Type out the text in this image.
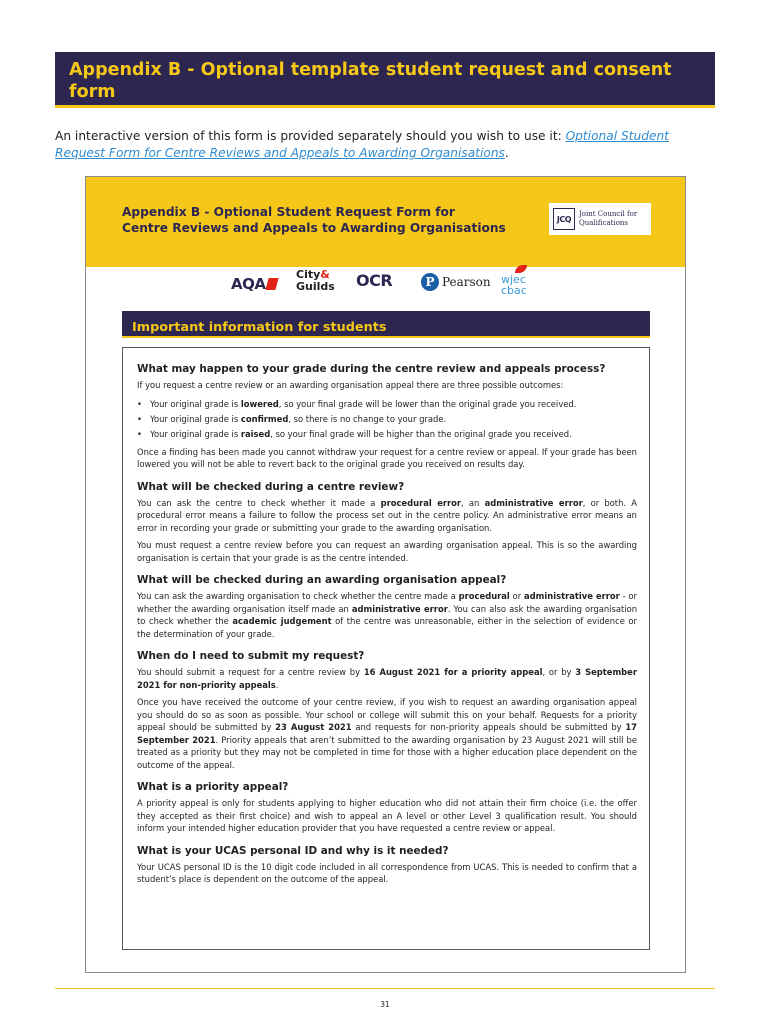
Appendix B - Optional template student request and consent form

An interactive version of this form is provided separately should you wish to use it: Optional Student Request Form for Centre Reviews and Appeals to Awarding Organisations.

Appendix B - Optional Student Request Form for
Centre Reviews and Appeals to Awarding Organisations
JCQ
Joint Council for
Qualifications
AQA
City&
Guilds OCR	P Pearson wjec
cbac
Important information for students
What may happen to your grade during the centre review and appeals process?

If you request a centre review or an awarding organisation appeal there are three possible outcomes:

• Your original grade is lowered, so your final grade will be lower than the original grade you received.
• Your original grade is confirmed, so there is no change to your grade.
• Your original grade is raised, so your final grade will be higher than the original grade you received.

Once a finding has been made you cannot withdraw your request for a centre review or appeal. If your grade has been lowered you will not be able to revert back to the original grade you received on results day.

What will be checked during a centre review?

You can ask the centre to check whether it made a procedural error, an administrative error, or both. A procedural error means a failure to follow the process set out in the centre policy. An administrative error means an error in recording your grade or submitting your grade to the awarding organisation.

You must request a centre review before you can request an awarding organisation appeal. This is so the awarding organisation is certain that your grade is as the centre intended.

What will be checked during an awarding organisation appeal?

You can ask the awarding organisation to check whether the centre made a procedural or administrative error - or whether the awarding organisation itself made an administrative error. You can also ask the awarding organisation to check whether the academic judgement of the centre was unreasonable, either in the selection of evidence or the determination of your grade.

When do I need to submit my request?

You should submit a request for a centre review by 16 August 2021 for a priority appeal, or by 3 September 2021 for non-priority appeals.

Once you have received the outcome of your centre review, if you wish to request an awarding organisation appeal you should do so as soon as possible. Your school or college will submit this on your behalf. Requests for a priority appeal should be submitted by 23 August 2021 and requests for non-priority appeals should be submitted by 17 September 2021. Priority appeals that aren’t submitted to the awarding organisation by 23 August 2021 will still be treated as a priority but they may not be completed in time for those with a higher education place dependent on the outcome of the appeal.

What is a priority appeal?

A priority appeal is only for students applying to higher education who did not attain their firm choice (i.e. the offer they accepted as their first choice) and wish to appeal an A level or other Level 3 qualification result. You should inform your intended higher education provider that you have requested a centre review or appeal.

What is your UCAS personal ID and why is it needed?

Your UCAS personal ID is the 10 digit code included in all correspondence from UCAS. This is needed to confirm that a student’s place is dependent on the outcome of the appeal.

31
